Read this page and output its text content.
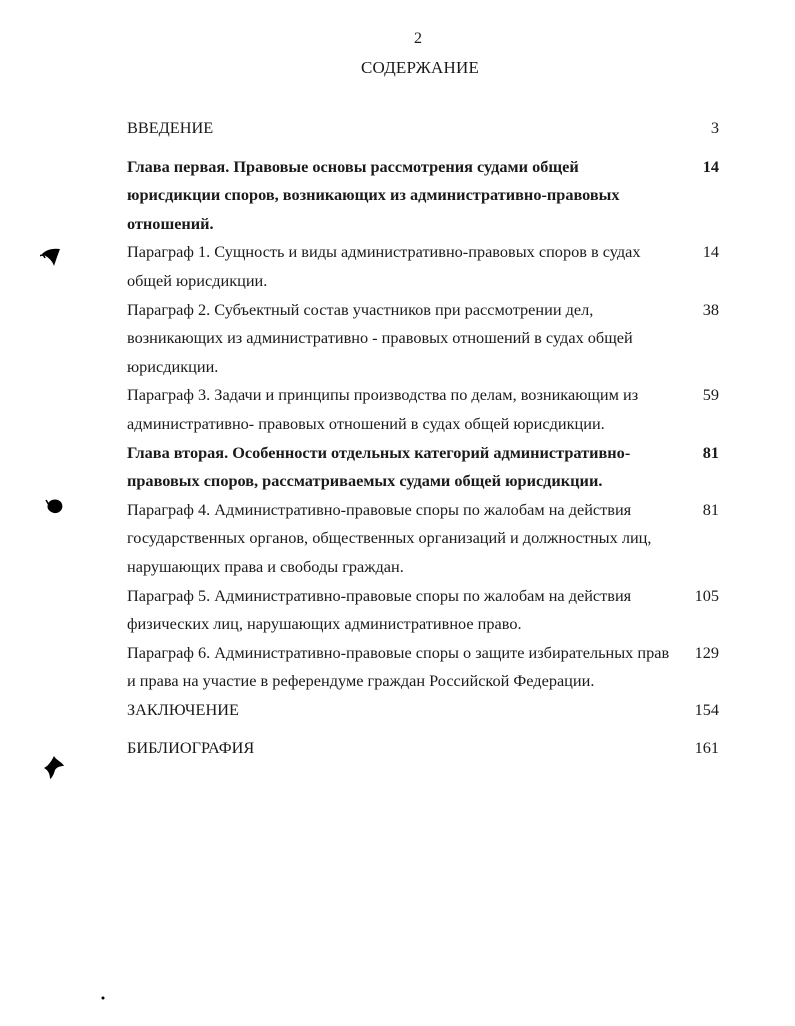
2
СОДЕРЖАНИЕ
ВВЕДЕНИЕ	3
Глава первая. Правовые основы рассмотрения судами общей юрисдикции споров, возникающих из административно-правовых отношений.
14
Параграф 1. Сущность и виды административно-правовых споров в судах общей юрисдикции.
14
Параграф 2. Субъектный состав участников при рассмотрении дел, возникающих из административно - правовых отношений в судах общей юрисдикции.
38
Параграф 3. Задачи и принципы производства по делам, возникающим из административно- правовых отношений в судах общей юрисдикции.
59
Глава вторая. Особенности отдельных категорий административно-правовых споров, рассматриваемых судами общей юрисдикции.
81
Параграф 4. Административно-правовые споры по жалобам на действия государственных органов, общественных организаций и должностных лиц, нарушающих права и свободы граждан.
81
Параграф 5. Административно-правовые споры по жалобам на действия физических лиц, нарушающих административное право.
105
Параграф 6. Административно-правовые споры о защите избирательных прав и права на участие в референдуме граждан Российской Федерации.
129
ЗАКЛЮЧЕНИЕ	154
БИБЛИОГРАФИЯ	161
